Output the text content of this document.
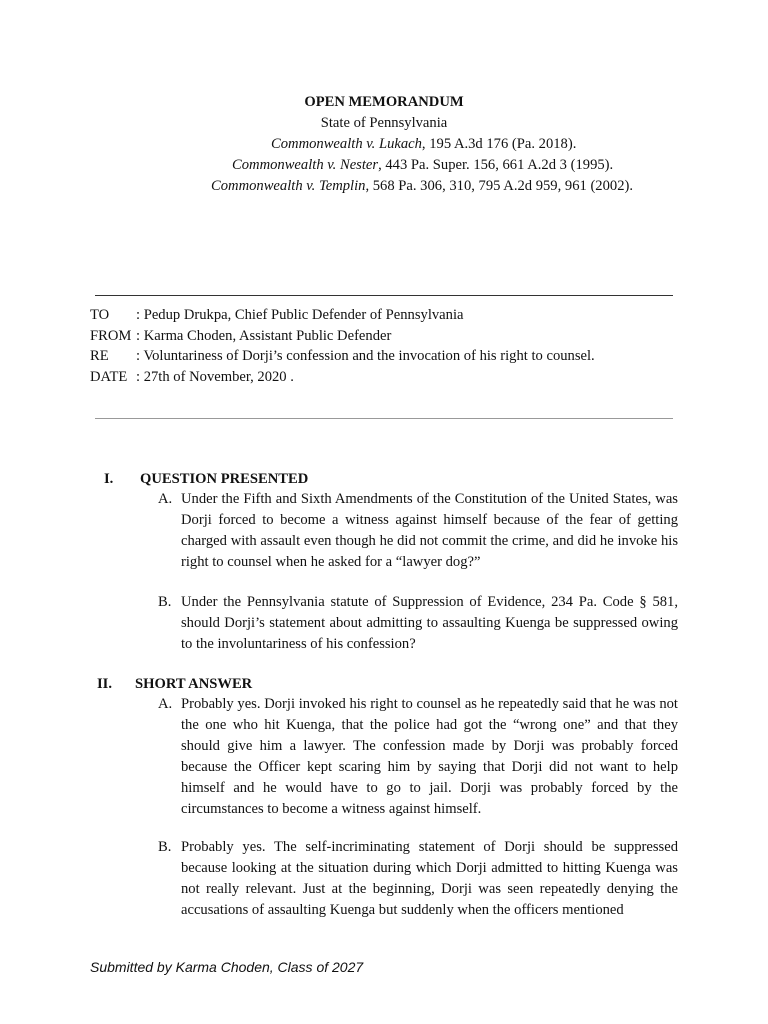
OPEN MEMORANDUM
State of Pennsylvania
Commonwealth v. Lukach, 195 A.3d 176 (Pa. 2018).
Commonwealth v. Nester, 443 Pa. Super. 156, 661 A.2d 3 (1995).
Commonwealth v. Templin, 568 Pa. 306, 310, 795 A.2d 959, 961 (2002).
TO : Pedup Drukpa, Chief Public Defender of Pennsylvania
FROM : Karma Choden, Assistant Public Defender
RE : Voluntariness of Dorji’s confession and the invocation of his right to counsel.
DATE : 27th of November, 2020 .
I. QUESTION PRESENTED
A. Under the Fifth and Sixth Amendments of the Constitution of the United States, was Dorji forced to become a witness against himself because of the fear of getting charged with assault even though he did not commit the crime, and did he invoke his right to counsel when he asked for a “lawyer dog?”
B. Under the Pennsylvania statute of Suppression of Evidence, 234 Pa. Code § 581, should Dorji’s statement about admitting to assaulting Kuenga be suppressed owing to the involuntariness of his confession?
II. SHORT ANSWER
A. Probably yes. Dorji invoked his right to counsel as he repeatedly said that he was not the one who hit Kuenga, that the police had got the “wrong one” and that they should give him a lawyer. The confession made by Dorji was probably forced because the Officer kept scaring him by saying that Dorji did not want to help himself and he would have to go to jail. Dorji was probably forced by the circumstances to become a witness against himself.
B. Probably yes. The self-incriminating statement of Dorji should be suppressed because looking at the situation during which Dorji admitted to hitting Kuenga was not really relevant. Just at the beginning, Dorji was seen repeatedly denying the accusations of assaulting Kuenga but suddenly when the officers mentioned
Submitted by Karma Choden, Class of 2027
